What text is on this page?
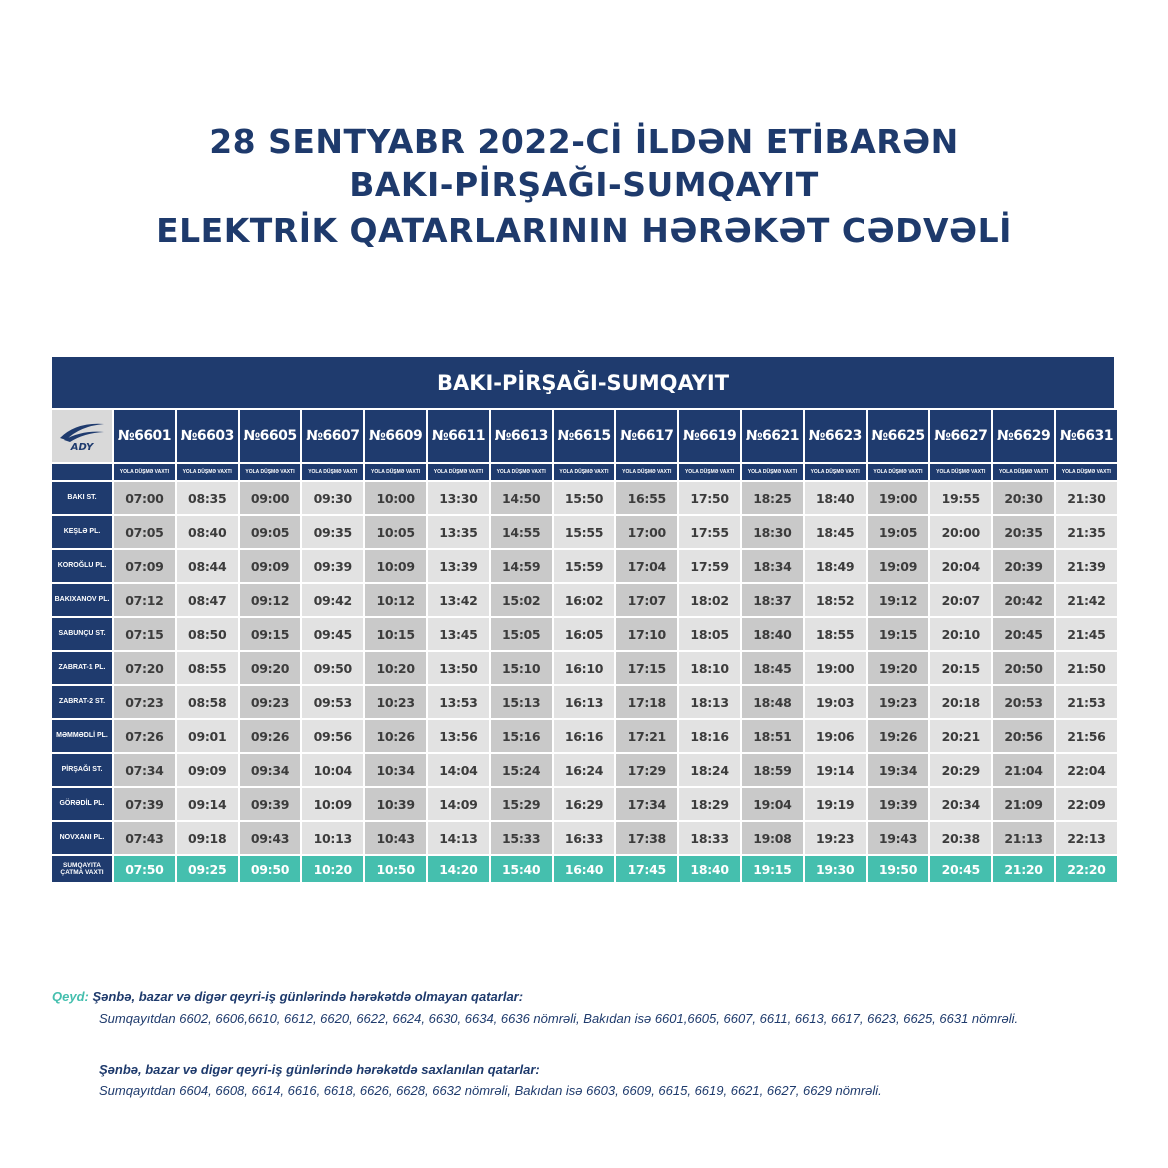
28 SENTYABR 2022-Cİ İLDƏN ETİBARƏN
BAKI-PİRŞAĞI-SUMQAYIT
ELEKTRİK QATARLARININ HƏRƏKƏT CƏDVƏLİ
BAKI-PİRŞAĞI-SUMQAYIT
ADY
№6601 №6603 №6605 №6607 №6609 №6611 №6613 №6615 №6617 №6619 №6621 №6623 №6625 №6627 №6629 №6631
YOLA DÜŞMƏ VAXTI	YOLA DÜŞMƏ VAXTI	YOLA DÜŞMƏ VAXTI	YOLA DÜŞMƏ VAXTI	YOLA DÜŞMƏ VAXTI	YOLA DÜŞMƏ VAXTI	YOLA DÜŞMƏ VAXTI	YOLA DÜŞMƏ VAXTI	YOLA DÜŞMƏ VAXTI	YOLA DÜŞMƏ VAXTI	YOLA DÜŞMƏ VAXTI	YOLA DÜŞMƏ VAXTI	YOLA DÜŞMƏ VAXTI	YOLA DÜŞMƏ VAXTI	YOLA DÜŞMƏ VAXTI	YOLA DÜŞMƏ VAXTI
BAKI ST.	07:00	08:35	09:00	09:30	10:00	13:30	14:50	15:50	16:55	17:50	18:25	18:40	19:00	19:55	20:30	21:30
KEŞLƏ PL.	07:05	08:40	09:05	09:35	10:05	13:35	14:55	15:55	17:00	17:55	18:30	18:45	19:05	20:00	20:35	21:35
KOROĞLU PL.	07:09	08:44	09:09	09:39	10:09	13:39	14:59	15:59	17:04	17:59	18:34	18:49	19:09	20:04	20:39	21:39
BAKIXANOV PL.	07:12	08:47	09:12	09:42	10:12	13:42	15:02	16:02	17:07	18:02	18:37	18:52	19:12	20:07	20:42	21:42
SABUNÇU ST.	07:15	08:50	09:15	09:45	10:15	13:45	15:05	16:05	17:10	18:05	18:40	18:55	19:15	20:10	20:45	21:45
ZABRAT-1 PL.	07:20	08:55	09:20	09:50	10:20	13:50	15:10	16:10	17:15	18:10	18:45	19:00	19:20	20:15	20:50	21:50
ZABRAT-2 ST.	07:23	08:58	09:23	09:53	10:23	13:53	15:13	16:13	17:18	18:13	18:48	19:03	19:23	20:18	20:53	21:53
MƏMMƏDLİ PL.	07:26	09:01	09:26	09:56	10:26	13:56	15:16	16:16	17:21	18:16	18:51	19:06	19:26	20:21	20:56	21:56
PİRŞAĞI ST.	07:34	09:09	09:34	10:04	10:34	14:04	15:24	16:24	17:29	18:24	18:59	19:14	19:34	20:29	21:04	22:04
GÖRƏDİL PL.	07:39	09:14	09:39	10:09	10:39	14:09	15:29	16:29	17:34	18:29	19:04	19:19	19:39	20:34	21:09	22:09
NOVXANI PL.	07:43	09:18	09:43	10:13	10:43	14:13	15:33	16:33	17:38	18:33	19:08	19:23	19:43	20:38	21:13	22:13
SUMQAYITA ÇATMA VAXTI	07:50	09:25	09:50	10:20	10:50	14:20	15:40	16:40	17:45	18:40	19:15	19:30	19:50	20:45	21:20	22:20
Qeyd: Şənbə, bazar və digər qeyri-iş günlərində hərəkətdə olmayan qatarlar:
Sumqayıtdan 6602, 6606,6610, 6612, 6620, 6622, 6624, 6630, 6634, 6636 nömrəli, Bakıdan isə 6601,6605, 6607, 6611, 6613, 6617, 6623, 6625, 6631 nömrəli.
Şənbə, bazar və digər qeyri-iş günlərində hərəkətdə saxlanılan qatarlar:
Sumqayıtdan 6604, 6608, 6614, 6616, 6618, 6626, 6628, 6632 nömrəli, Bakıdan isə 6603, 6609, 6615, 6619, 6621, 6627, 6629 nömrəli.
